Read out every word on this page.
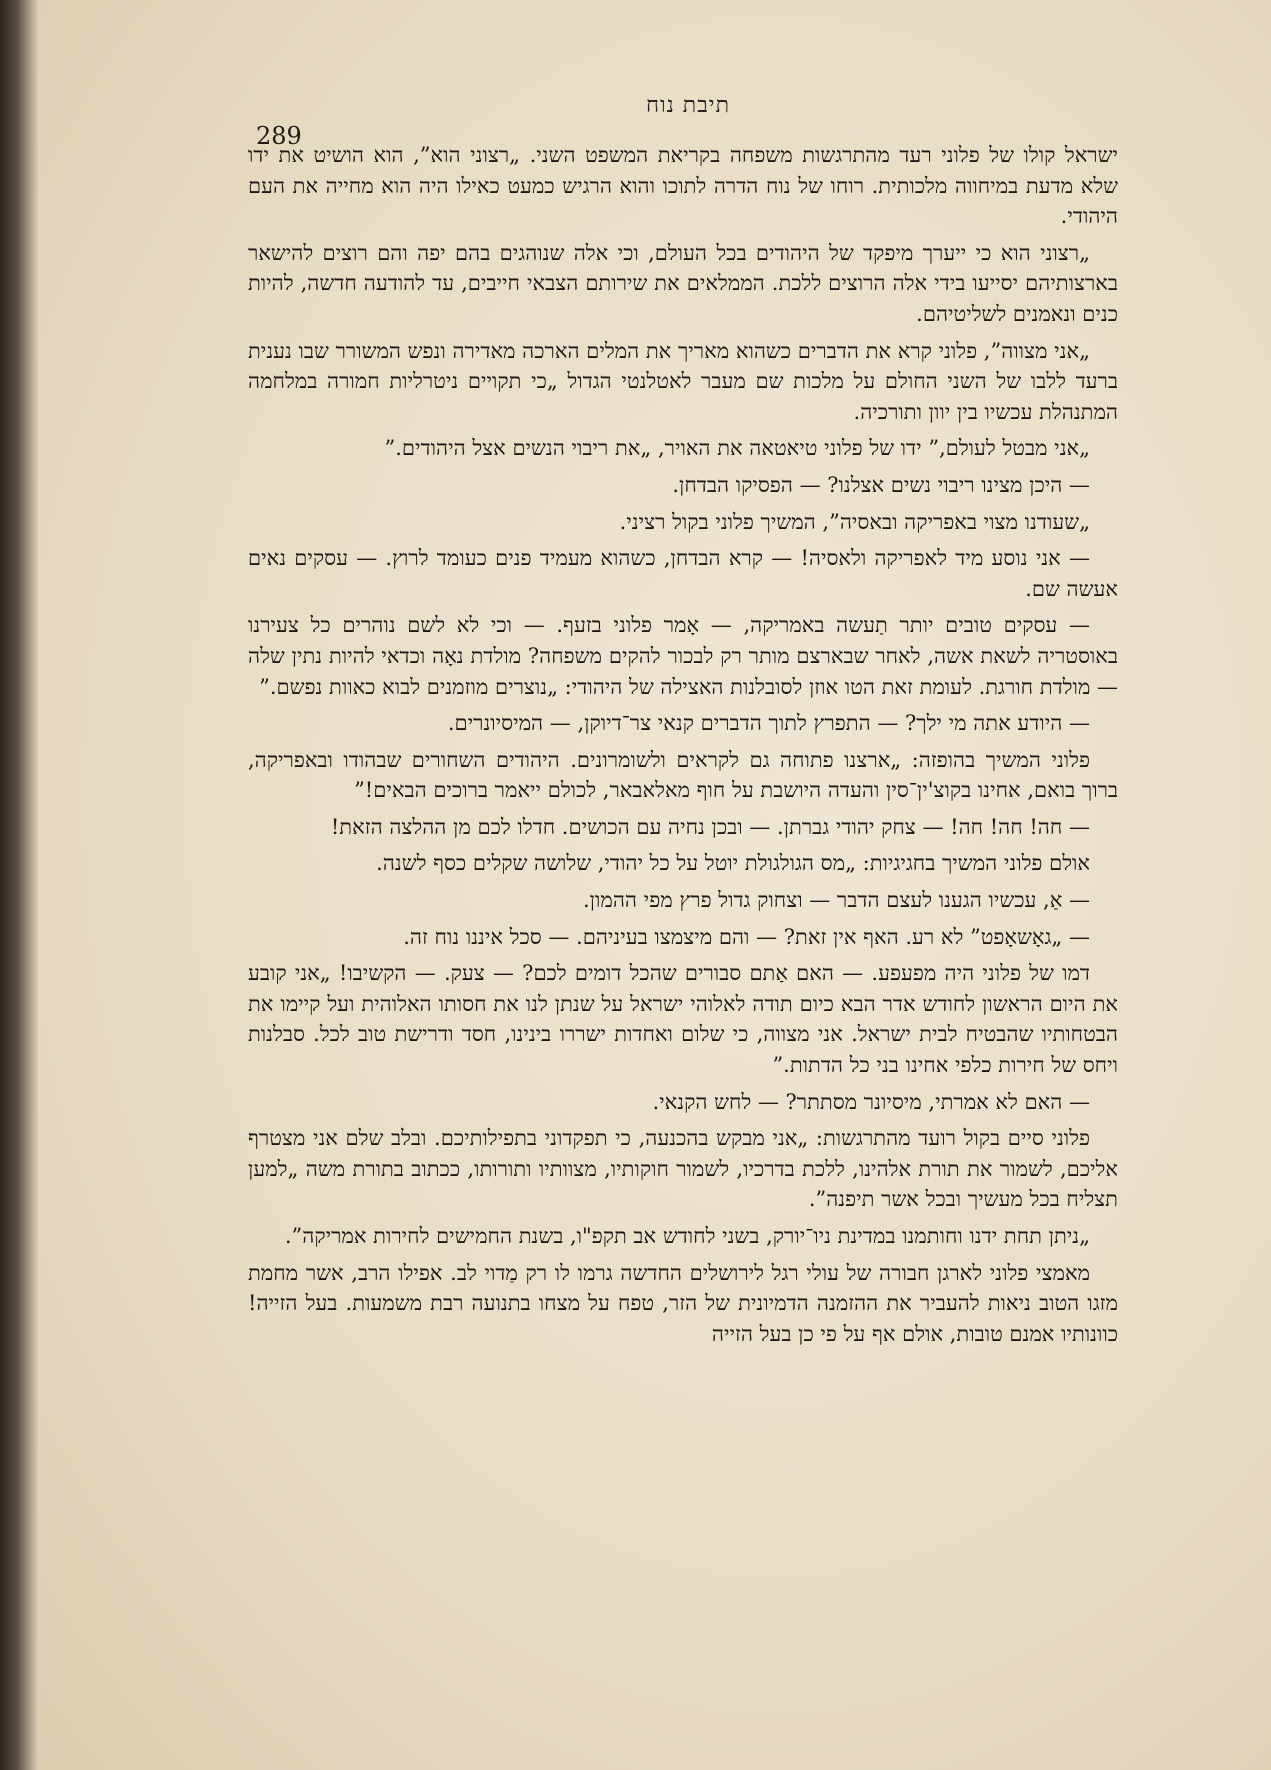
תיבת נוח
289

ישראל קולו של פלוני רעד מהתרגשות משפחה בקריאת המשפט השני. „רצוני הוא”, הוא הושיט את ידו שלא מדעת במיחווה מלכותית. רוחו של נוח הדרה לתוכו והוא הרגיש כמעט כאילו היה הוא מחייה את העם היהודי.

„רצוני הוא כי ייערך מיפקד של היהודים בכל העולם, וכי אלה שנוהגים בהם יפה והם רוצים להישאר בארצותיהם יסייעו בידי אלה הרוצים ללכת. הממלאים את שירותם הצבאי חייבים, עד להודעה חדשה, להיות כנים ונאמנים לשליטיהם.

„אני מצווה”, פלוני קרא את הדברים כשהוא מאריך את המלים הארכה מאדירה ונפש המשורר שבו נענית ברעד ללבו של השני החולם על מלכות שם מעבר לאטלנטי הגדול „כי תקויים ניטרליות חמורה במלחמה המתנהלת עכשיו בין יוון ותורכיה.

„אני מבטל לעולם,” ידו של פלוני טיאטאה את האויר, „את ריבוי הנשים אצל היהודים.”

— היכן מצינו ריבוי נשים אצלנו? — הפסיקו הבדחן.

„שעודנו מצוי באפריקה ובאסיה”, המשיך פלוני בקול רציני.

— אני נוסע מיד לאפריקה ולאסיה! — קרא הבדחן, כשהוא מעמיד פנים כעומד לרוץ. — עסקים נאים אעשה שם.

— עסקים טובים יותר תַעשה באמריקה, — אָמר פלוני בזעף. — וכי לא לשם נוהרים כל צעירנו באוסטריה לשאת אשה, לאחר שבארצם מותר רק לבכור להקים משפחה? מולדת נאָה וכדאי להיות נתין שלה — מולדת חורגת. לעומת זאת הטו אוזן לסובלנות האצילה של היהודי: „נוצרים מוזמנים לבוא כאוות נפשם.”

— היודע אתה מי ילך? — התפרץ לתוך הדברים קנאי צר־דיוקן, — המיסיונרים.

פלוני המשיך בהופזה: „ארצנו פתוחה גם לקראים ולשומרונים. היהודים השחורים שבהודו ובאפריקה, ברוך בואם, אחינו בקוצ'ין־סין והעדה היושבת על חוף מאלאבאר, לכולם ייאמר ברוכים הבאים!”

— חה! חה! חה! — צחק יהודי גברתן. — ובכן נחיה עם הכושים. חדלו לכם מן ההלצה הזאת!

אולם פלוני המשיך בחגיגיות: „מס הגולגולת יוטל על כל יהודי, שלושה שקלים כסף לשנה.

— אַ, עכשיו הגענו לעצם הדבר — וצחוק גדול פרץ מפי ההמון.

— „גאָשאָפט” לא רע. האף אין זאת? — והם מיצמצו בעיניהם. — סכל איננו נוח זה.

דמו של פלוני היה מפעפע. — האם אַתם סבורים שהכל דומים לכם? — צעק. — הקשיבו! „אני קובע את היום הראשון לחודש אדר הבא כיום תודה לאלוהי ישראל על שנתן לנו את חסותו האלוהית ועל קיימו את הבטחותיו שהבטיח לבית ישראל. אני מצווה, כי שלום ואחדות ישררו בינינו, חסד ודרישת טוב לכל. סבלנות ויחס של חירות כלפי אחינו בני כל הדתות.”

— האם לא אמרתי, מיסיונר מסתתר? — לחש הקנאי.

פלוני סיים בקול רועד מהתרגשות: „אני מבקש בהכנעה, כי תפקדוני בתפילותיכם. ובלב שלם אני מצטרף אליכם, לשמור את תורת אלהינו, ללכת בדרכיו, לשמור חוקותיו, מצוותיו ותורותו, ככתוב בתורת משה „למען תצליח בכל מעשיך ובכל אשר תיפנה”.

„ניתן תחת ידנו וחותמנו במדינת ניו־יורק, בשני לחודש אב תקפ"ו, בשנת החמישים לחירות אמריקה”.

מאמצי פלוני לארגן חבורה של עולי רגל לירושלים החדשה גרמו לו רק מַדוי לב. אפילו הרב, אשר מחמת מזגו הטוב ניאות להעביר את ההזמנה הדמיונית של הזר, טפח על מצחו בתנועה רבת משמעות. בעל הזייה! כוונותיו אמנם טובות, אולם אף על פי כן בעל הזייה
